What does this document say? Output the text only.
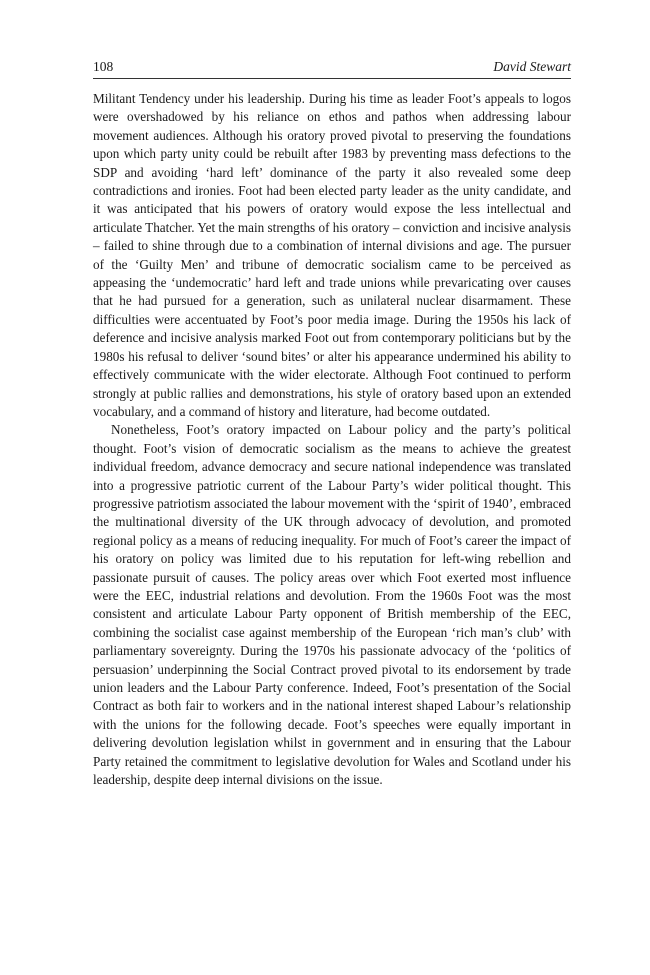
108	David Stewart

Militant Tendency under his leadership. During his time as leader Foot’s appeals to logos were overshadowed by his reliance on ethos and pathos when addressing labour movement audiences. Although his oratory proved pivotal to preserving the foundations upon which party unity could be rebuilt after 1983 by preventing mass defections to the SDP and avoiding ‘hard left’ dominance of the party it also revealed some deep contradictions and ironies. Foot had been elected party leader as the unity candidate, and it was anticipated that his powers of oratory would expose the less intellectual and articulate Thatcher. Yet the main strengths of his oratory – conviction and incisive analysis – failed to shine through due to a combination of internal divisions and age. The pursuer of the ‘Guilty Men’ and tribune of democratic socialism came to be perceived as appeasing the ‘undemocratic’ hard left and trade unions while prevaricating over causes that he had pursued for a generation, such as unilateral nuclear disarmament. These difficulties were accentuated by Foot’s poor media image. During the 1950s his lack of deference and incisive analysis marked Foot out from contemporary politicians but by the 1980s his refusal to deliver ‘sound bites’ or alter his appearance undermined his ability to effectively communicate with the wider electorate. Although Foot continued to perform strongly at public rallies and demonstrations, his style of oratory based upon an extended vocabulary, and a command of history and literature, had become outdated.

Nonetheless, Foot’s oratory impacted on Labour policy and the party’s political thought. Foot’s vision of democratic socialism as the means to achieve the greatest individual freedom, advance democracy and secure national independence was translated into a progressive patriotic current of the Labour Party’s wider political thought. This progressive patriotism associated the labour movement with the ‘spirit of 1940’, embraced the multinational diversity of the UK through advocacy of devolution, and promoted regional policy as a means of reducing inequality. For much of Foot’s career the impact of his oratory on policy was limited due to his reputation for left-wing rebellion and passionate pursuit of causes. The policy areas over which Foot exerted most influence were the EEC, industrial relations and devolution. From the 1960s Foot was the most consistent and articulate Labour Party opponent of British membership of the EEC, combining the socialist case against membership of the European ‘rich man’s club’ with parliamentary sovereignty. During the 1970s his passionate advocacy of the ‘politics of persuasion’ underpinning the Social Contract proved pivotal to its endorsement by trade union leaders and the Labour Party conference. Indeed, Foot’s presentation of the Social Contract as both fair to workers and in the national interest shaped Labour’s relationship with the unions for the following decade. Foot’s speeches were equally important in delivering devolution legislation whilst in government and in ensuring that the Labour Party retained the commitment to legislative devolution for Wales and Scotland under his leadership, despite deep internal divisions on the issue.
